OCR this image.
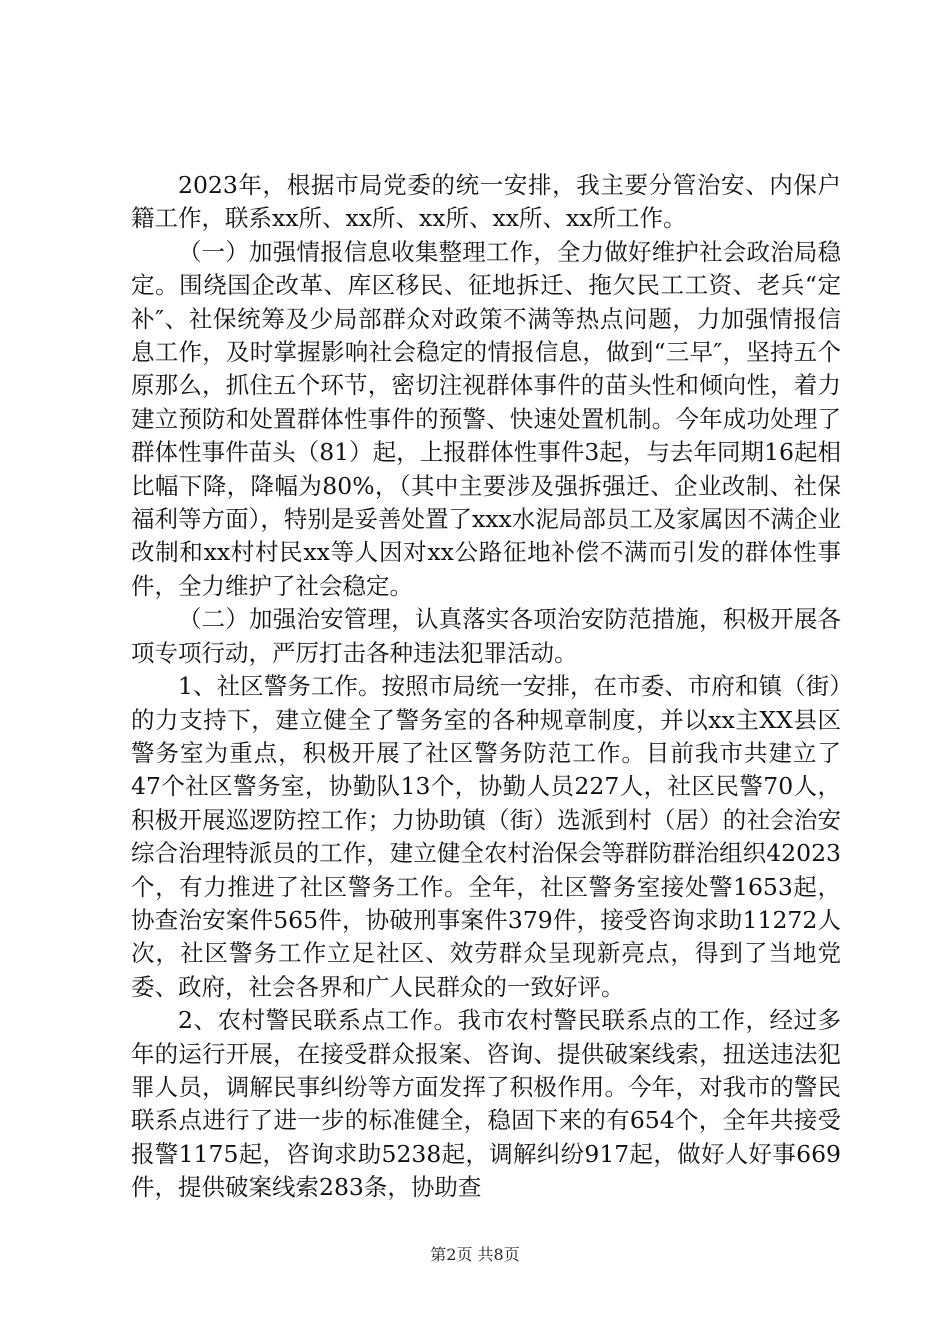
2023年，根据市局党委的统一安排，我主要分管治安、内保户籍工作，联系xx所、xx所、xx所、xx所、xx所工作。

（一）加强情报信息收集整理工作，全力做好维护社会政治局稳定。围绕国企改革、库区移民、征地拆迁、拖欠民工工资、老兵“定补″、社保统筹及少局部群众对政策不满等热点问题，力加强情报信息工作，及时掌握影响社会稳定的情报信息，做到“三早″，坚持五个原那么，抓住五个环节，密切注视群体事件的苗头性和倾向性，着力建立预防和处置群体性事件的预警、快速处置机制。今年成功处理了群体性事件苗头（81）起，上报群体性事件3起，与去年同期16起相比幅下降，降幅为80%，（其中主要涉及强拆强迁、企业改制、社保福利等方面），特别是妥善处置了xxx水泥局部员工及家属因不满企业改制和xx村村民xx等人因对xx公路征地补偿不满而引发的群体性事件，全力维护了社会稳定。

（二）加强治安管理，认真落实各项治安防范措施，积极开展各项专项行动，严厉打击各种违法犯罪活动。

1、社区警务工作。按照市局统一安排，在市委、市府和镇（街）的力支持下，建立健全了警务室的各种规章制度，并以xx主XX县区警务室为重点，积极开展了社区警务防范工作。目前我市共建立了47个社区警务室，协勤队13个，协勤人员227人，社区民警70人，积极开展巡逻防控工作；力协助镇（街）选派到村（居）的社会治安综合治理特派员的工作，建立健全农村治保会等群防群治组织42023个，有力推进了社区警务工作。全年，社区警务室接处警1653起，协查治安案件565件，协破刑事案件379件，接受咨询求助11272人次，社区警务工作立足社区、效劳群众呈现新亮点，得到了当地党委、政府，社会各界和广人民群众的一致好评。

2、农村警民联系点工作。我市农村警民联系点的工作，经过多年的运行开展，在接受群众报案、咨询、提供破案线索，扭送违法犯罪人员，调解民事纠纷等方面发挥了积极作用。今年，对我市的警民联系点进行了进一步的标准健全，稳固下来的有654个，全年共接受报警1175起，咨询求助5238起，调解纠纷917起，做好人好事669件，提供破案线索283条，协助查

第2页 共8页
